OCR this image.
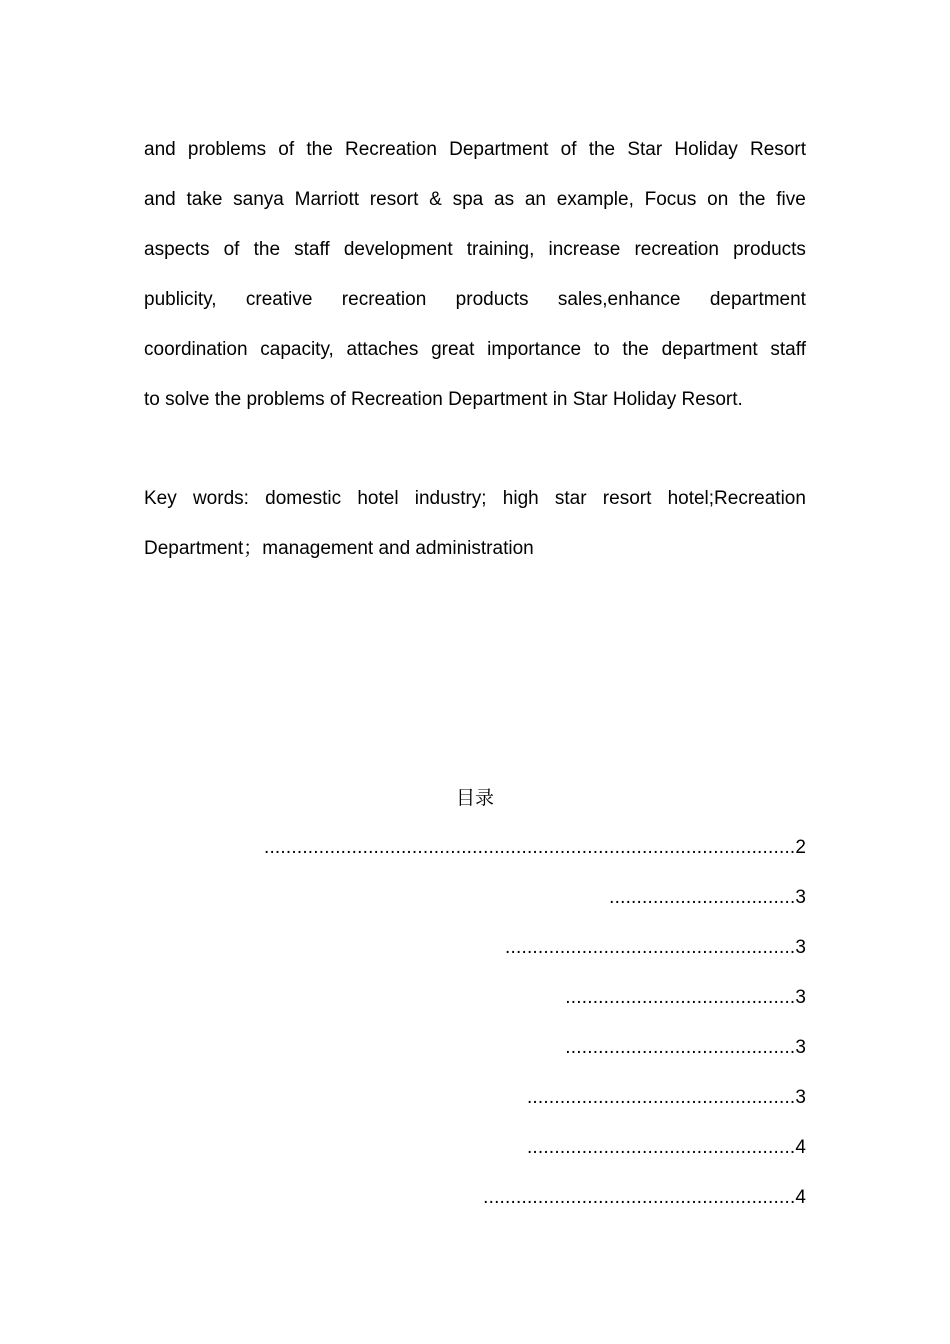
and problems of the Recreation Department of the Star Holiday Resort
and take sanya Marriott resort & spa as an example, Focus on the five
aspects of the staff development training, increase recreation products
publicity, creative recreation products sales,enhance department
coordination capacity, attaches great importance to the department staff
to solve the problems of Recreation Department in Star Holiday Resort.
Key words: domestic hotel industry; high star resort hotel;Recreation
Department；management and administration
目录
.................................................................................................2
..................................3
.....................................................3
..........................................3
..........................................3
.................................................3
.................................................4
.........................................................4
